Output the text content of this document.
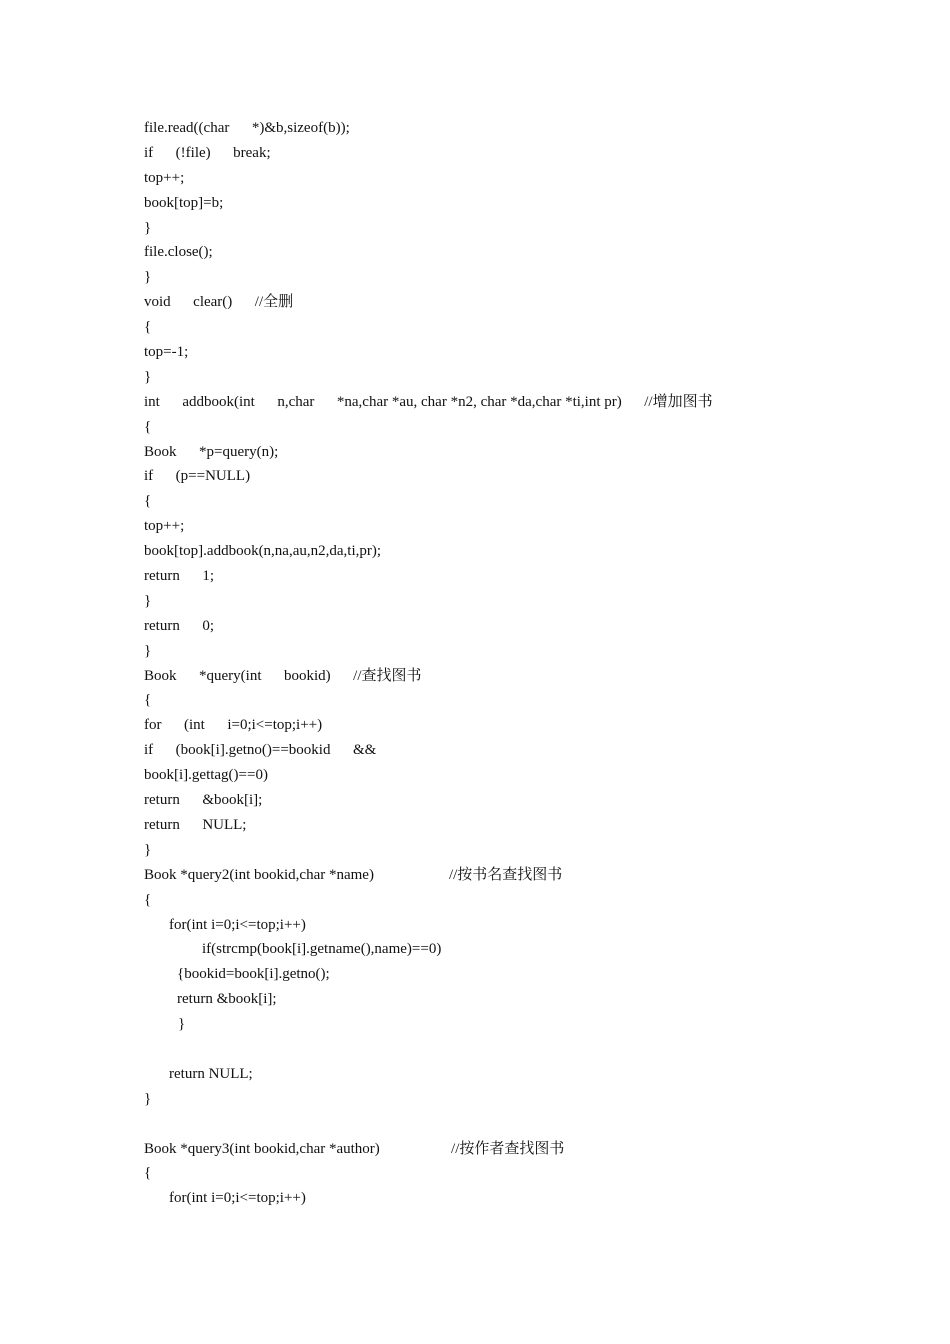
file.read((char      *)&b,sizeof(b));
if      (!file)      break;
top++;
book[top]=b;
}
file.close();
}
void      clear()      //全删
{
top=-1;
}
int      addbook(int      n,char      *na,char *au, char *n2, char *da,char *ti,int pr)      //增加图书
{
Book      *p=query(n);
if      (p==NULL)
{
top++;
book[top].addbook(n,na,au,n2,da,ti,pr);
return      1;
}
return      0;
}
Book      *query(int      bookid)      //查找图书
{
for      (int      i=0;i<=top;i++)
if      (book[i].getno()==bookid      &&
book[i].gettag()==0)
return      &book[i];
return      NULL;
}
Book *query2(int bookid,char *name)                    //按书名查找图书
{
for(int i=0;i<=top;i++)
if(strcmp(book[i].getname(),name)==0)
{bookid=book[i].getno();
return &book[i];
}
return NULL;
}
Book *query3(int bookid,char *author)                   //按作者查找图书
{
for(int i=0;i<=top;i++)
